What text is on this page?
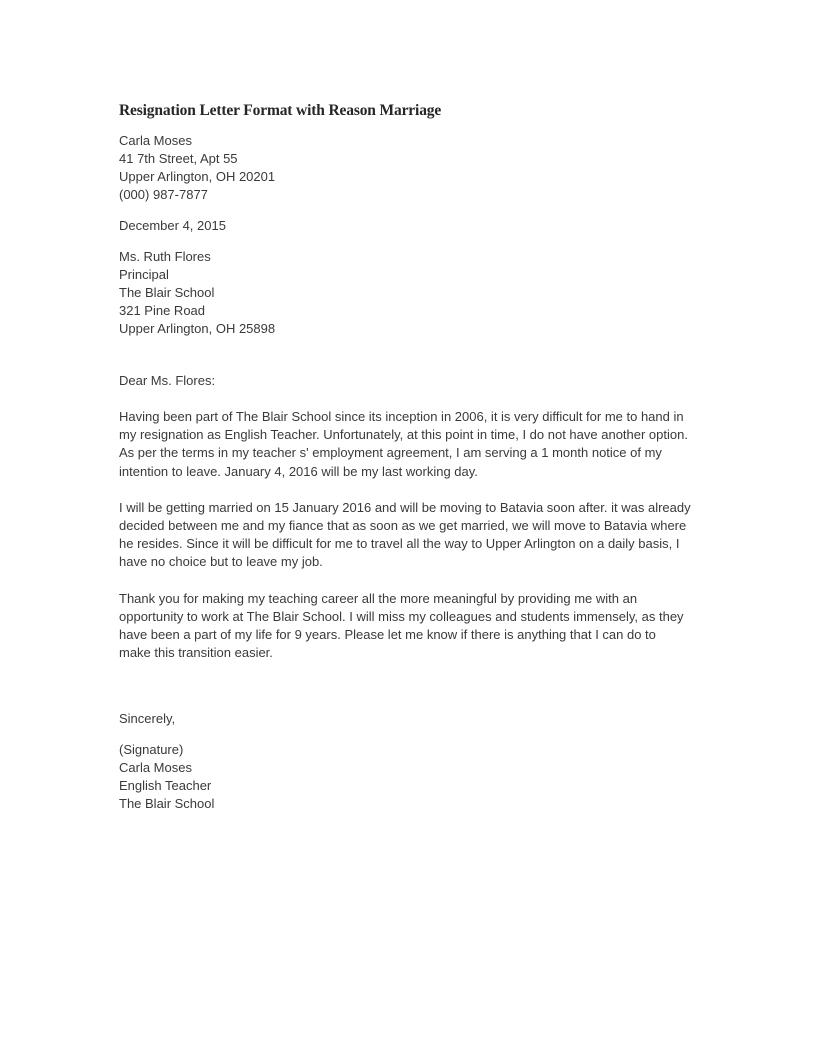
Resignation Letter Format with Reason Marriage
Carla Moses
41 7th Street, Apt 55
Upper Arlington, OH 20201
(000) 987-7877
December 4, 2015
Ms. Ruth Flores
Principal
The Blair School
321 Pine Road
Upper Arlington, OH 25898
Dear Ms. Flores:

Having been part of The Blair School since its inception in 2006, it is very difficult for me to hand in my resignation as English Teacher. Unfortunately, at this point in time, I do not have another option. As per the terms in my teacher s' employment agreement, I am serving a 1 month notice of my intention to leave. January 4, 2016 will be my last working day.

I will be getting married on 15 January 2016 and will be moving to Batavia soon after. it was already decided between me and my fiance that as soon as we get married, we will move to Batavia where he resides. Since it will be difficult for me to travel all the way to Upper Arlington on a daily basis, I have no choice but to leave my job.

Thank you for making my teaching career all the more meaningful by providing me with an opportunity to work at The Blair School. I will miss my colleagues and students immensely, as they have been a part of my life for 9 years. Please let me know if there is anything that I can do to make this transition easier.

Sincerely,
(Signature)
Carla Moses
English Teacher
The Blair School
